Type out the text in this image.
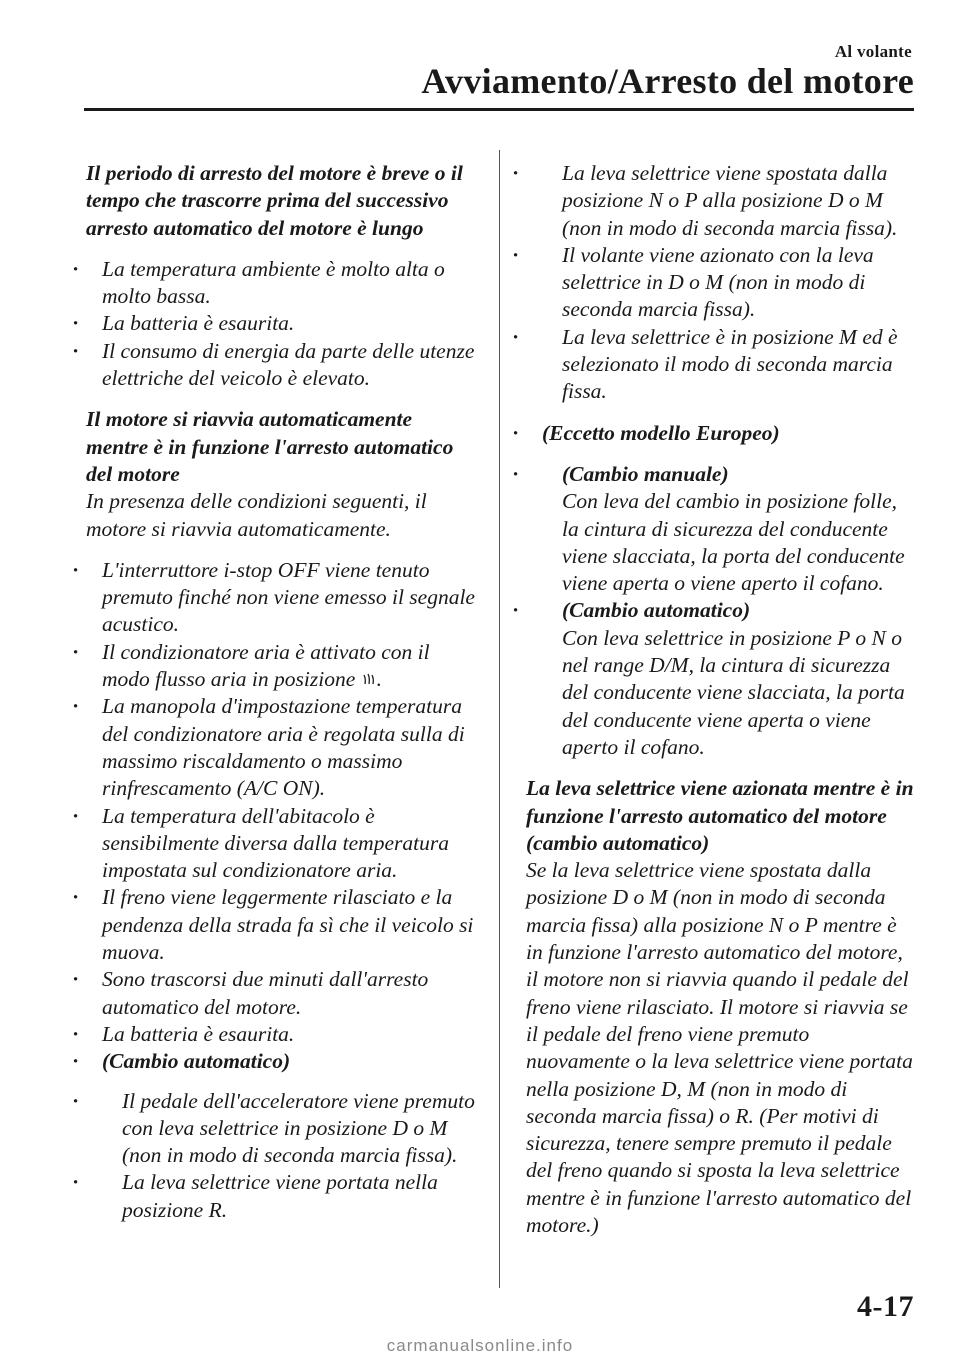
Al volante
Avviamento/Arresto del motore

Il periodo di arresto del motore è breve o il tempo che trascorre prima del successivo arresto automatico del motore è lungo

· La temperatura ambiente è molto alta o molto bassa.
· La batteria è esaurita.
· Il consumo di energia da parte delle utenze elettriche del veicolo è elevato.

Il motore si riavvia automaticamente mentre è in funzione l'arresto automatico del motore

In presenza delle condizioni seguenti, il motore si riavvia automaticamente.

· L'interruttore i-stop OFF viene tenuto premuto finché non viene emesso il segnale acustico.
· Il condizionatore aria è attivato con il modo flusso aria in posizione .
· La manopola d'impostazione temperatura del condizionatore aria è regolata sulla di massimo riscaldamento o massimo rinfrescamento (A/C ON).
· La temperatura dell'abitacolo è sensibilmente diversa dalla temperatura impostata sul condizionatore aria.
· Il freno viene leggermente rilasciato e la pendenza della strada fa sì che il veicolo si muova.
· Sono trascorsi due minuti dall'arresto automatico del motore.
· La batteria è esaurita.
· (Cambio automatico)
· Il pedale dell'acceleratore viene premuto con leva selettrice in posizione D o M (non in modo di seconda marcia fissa).
· La leva selettrice viene portata nella posizione R.
· La leva selettrice viene spostata dalla posizione N o P alla posizione D o M (non in modo di seconda marcia fissa).
· Il volante viene azionato con la leva selettrice in D o M (non in modo di seconda marcia fissa).
· La leva selettrice è in posizione M ed è selezionato il modo di seconda marcia fissa.
· (Eccetto modello Europeo)
· (Cambio manuale)
Con leva del cambio in posizione folle, la cintura di sicurezza del conducente viene slacciata, la porta del conducente viene aperta o viene aperto il cofano.
· (Cambio automatico)
Con leva selettrice in posizione P o N o nel range D/M, la cintura di sicurezza del conducente viene slacciata, la porta del conducente viene aperta o viene aperto il cofano.

La leva selettrice viene azionata mentre è in funzione l'arresto automatico del motore (cambio automatico)

Se la leva selettrice viene spostata dalla posizione D o M (non in modo di seconda marcia fissa) alla posizione N o P mentre è in funzione l'arresto automatico del motore, il motore non si riavvia quando il pedale del freno viene rilasciato. Il motore si riavvia se il pedale del freno viene premuto nuovamente o la leva selettrice viene portata nella posizione D, M (non in modo di seconda marcia fissa) o R. (Per motivi di sicurezza, tenere sempre premuto il pedale del freno quando si sposta la leva selettrice mentre è in funzione l'arresto automatico del motore.)

4-17
carmanualsonline.info
